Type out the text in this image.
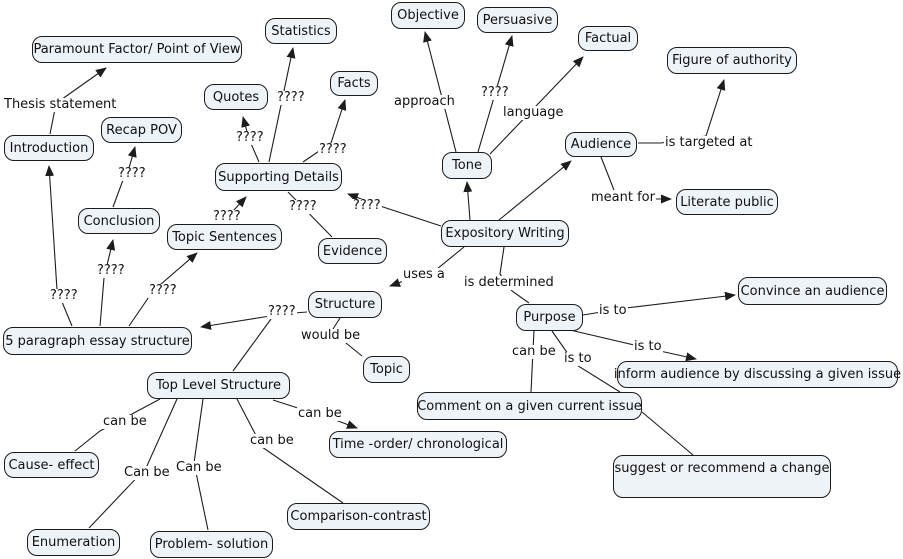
Thesis statement	????
????
????
approach
????
language
is targeted at
????
meant for
????
????	????
uses a
is determined
????
????	????
????
would be
is to
is to
can be is to
can be
Can be Can be
can be
can be
Paramount Factor/ Point of View
Statistics
Objective	Persuasive
Factual
Figure of authority
Quotes
Facts
Recap POV
Introduction
Tone
Audience
Supporting Details
Literate public
Conclusion
Topic Sentences	Expository Writing
Evidence
Structure
Purpose
Convince an audience
5 paragraph essay structure
Topic	inform audience by discussing a given issue
Top Level Structure
Comment on a given current issue
Time -order/ chronological
Cause- effect	suggest or recommend a change
Enumeration	Problem- solution
Comparison-contrast
